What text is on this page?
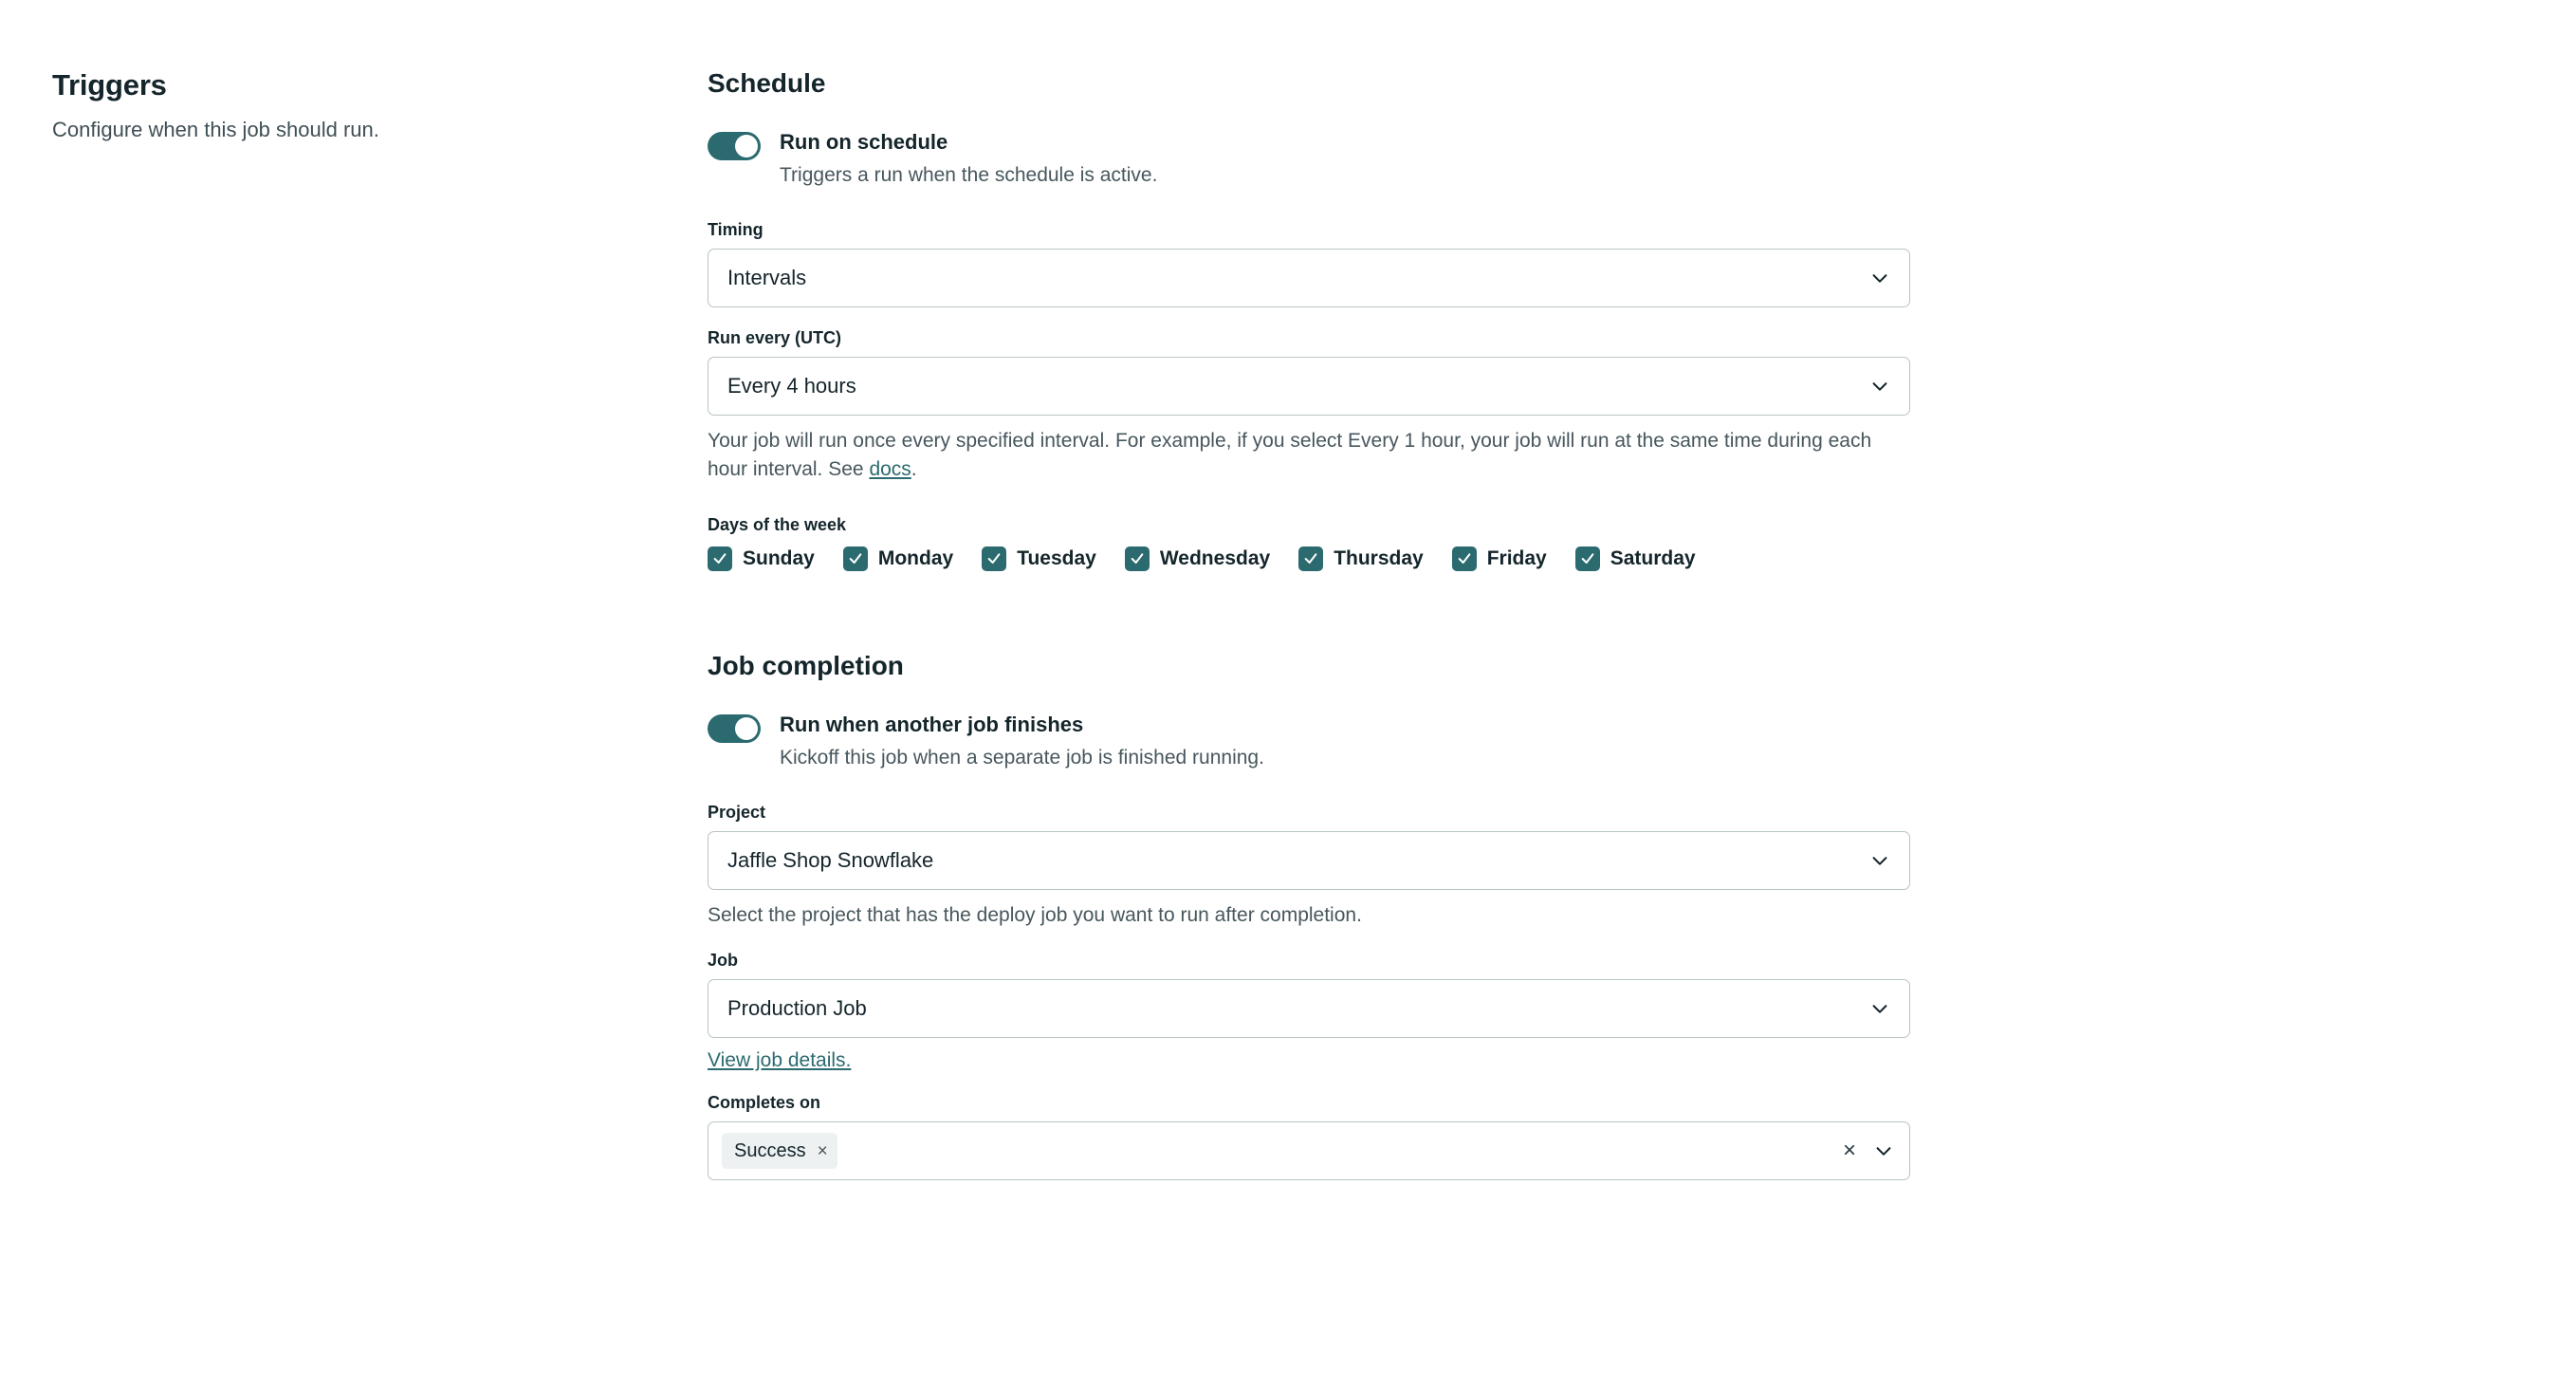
Triggers

Configure when this job should run.

Schedule
Run on schedule
Triggers a run when the schedule is active.
Timing
Intervals
Run every (UTC)
Every 4 hours
Your job will run once every specified interval. For example, if you select Every 1 hour, your job will run at the same time during each hour interval. See docs.
Days of the week
Sunday	Monday	Tuesday	Wednesday	Thursday	Friday	Saturday
Job completion
Run when another job finishes
Kickoff this job when a separate job is finished running.
Project
Jaffle Shop Snowflake
Select the project that has the deploy job you want to run after completion.
Job
Production Job
View job details.
Completes on
Success ×	×
